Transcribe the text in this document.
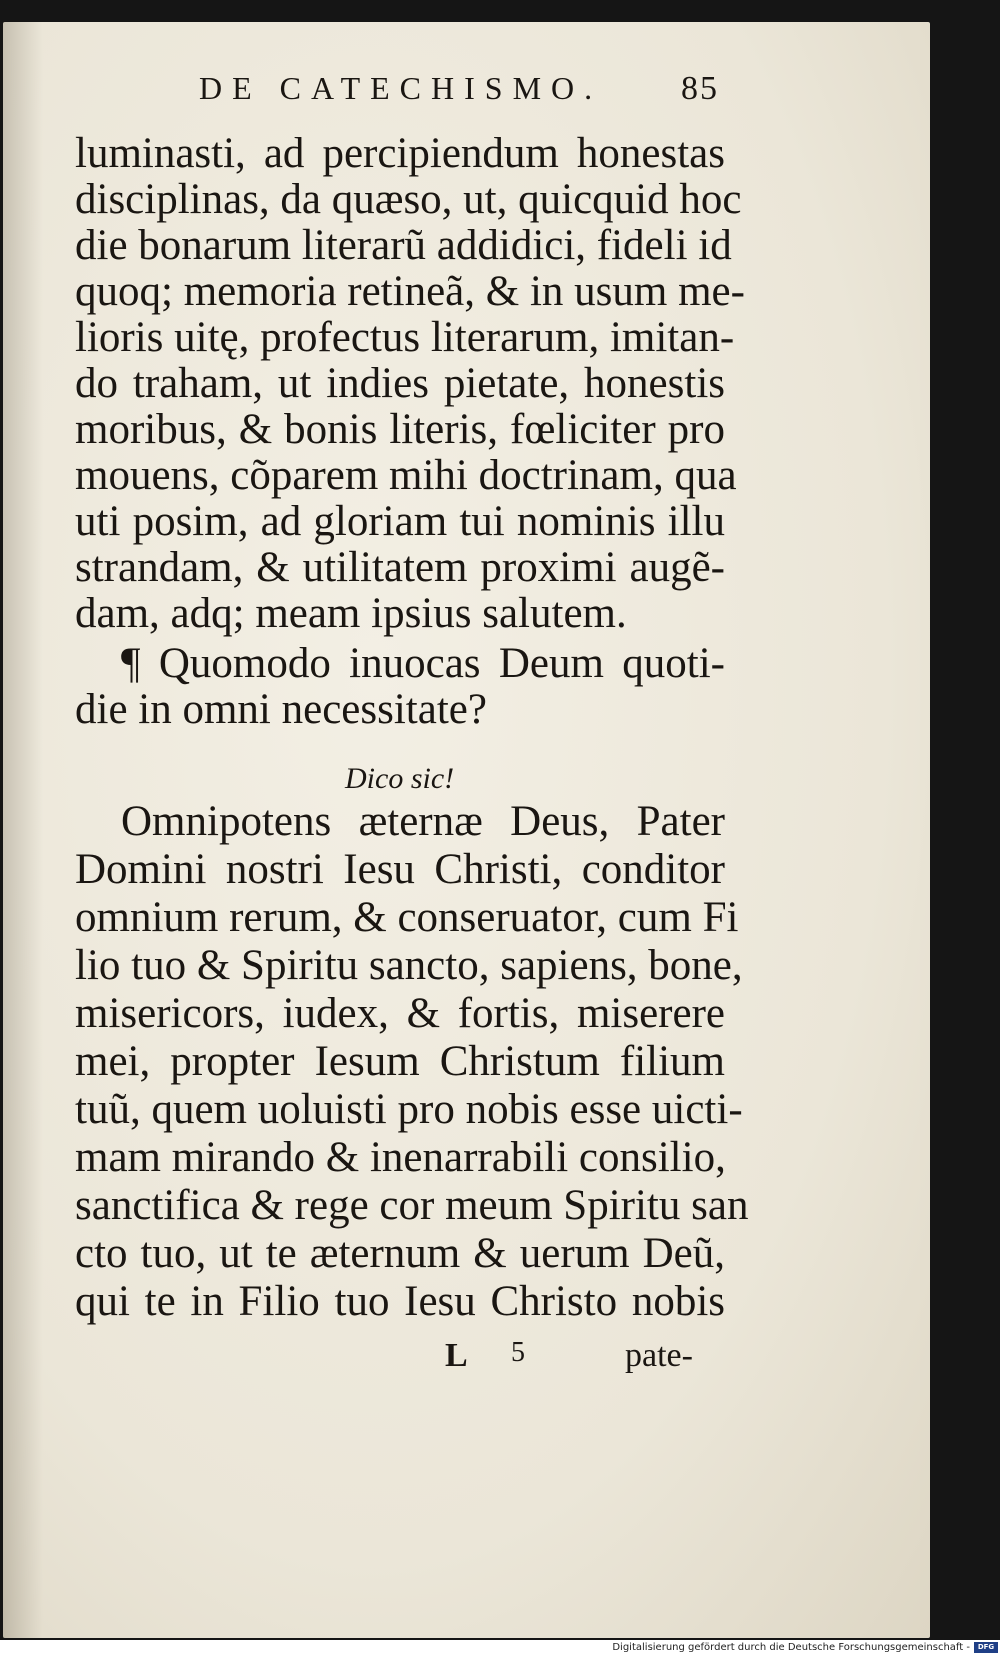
DE CATECHISMO. 85
luminasti, ad percipiendum honestas
disciplinas, da quæso, ut, quicquid hoc
die bonarum literarũ addidici, fideli id
quoq; memoria retineã, & in usum me-
lioris uitę, profectus literarum, imitan-
do traham, ut indies pietate, honestis
moribus, & bonis literis, fœliciter pro
mouens, cõparem mihi doctrinam, qua
uti posim, ad gloriam tui nominis illu
strandam, & utilitatem proximi augẽ-
dam, adq; meam ipsius salutem.
¶ Quomodo inuocas Deum quoti-
die in omni necessitate?
Dico sic!
Omnipotens æternæ Deus, Pater
Domini nostri Iesu Christi, conditor
omnium rerum, & conseruator, cum Fi
lio tuo & Spiritu sancto, sapiens, bone,
misericors, iudex, & fortis, miserere
mei, propter Iesum Christum filium
tuũ, quem uoluisti pro nobis esse uicti-
mam mirando & inenarrabili consilio,
sanctifica & rege cor meum Spiritu san
cto tuo, ut te æternum & uerum Deũ,
qui te in Filio tuo Iesu Christo nobis
L 5	pate-
Digitalisierung gefördert durch die Deutsche Forschungsgemeinschaft -	DFG
